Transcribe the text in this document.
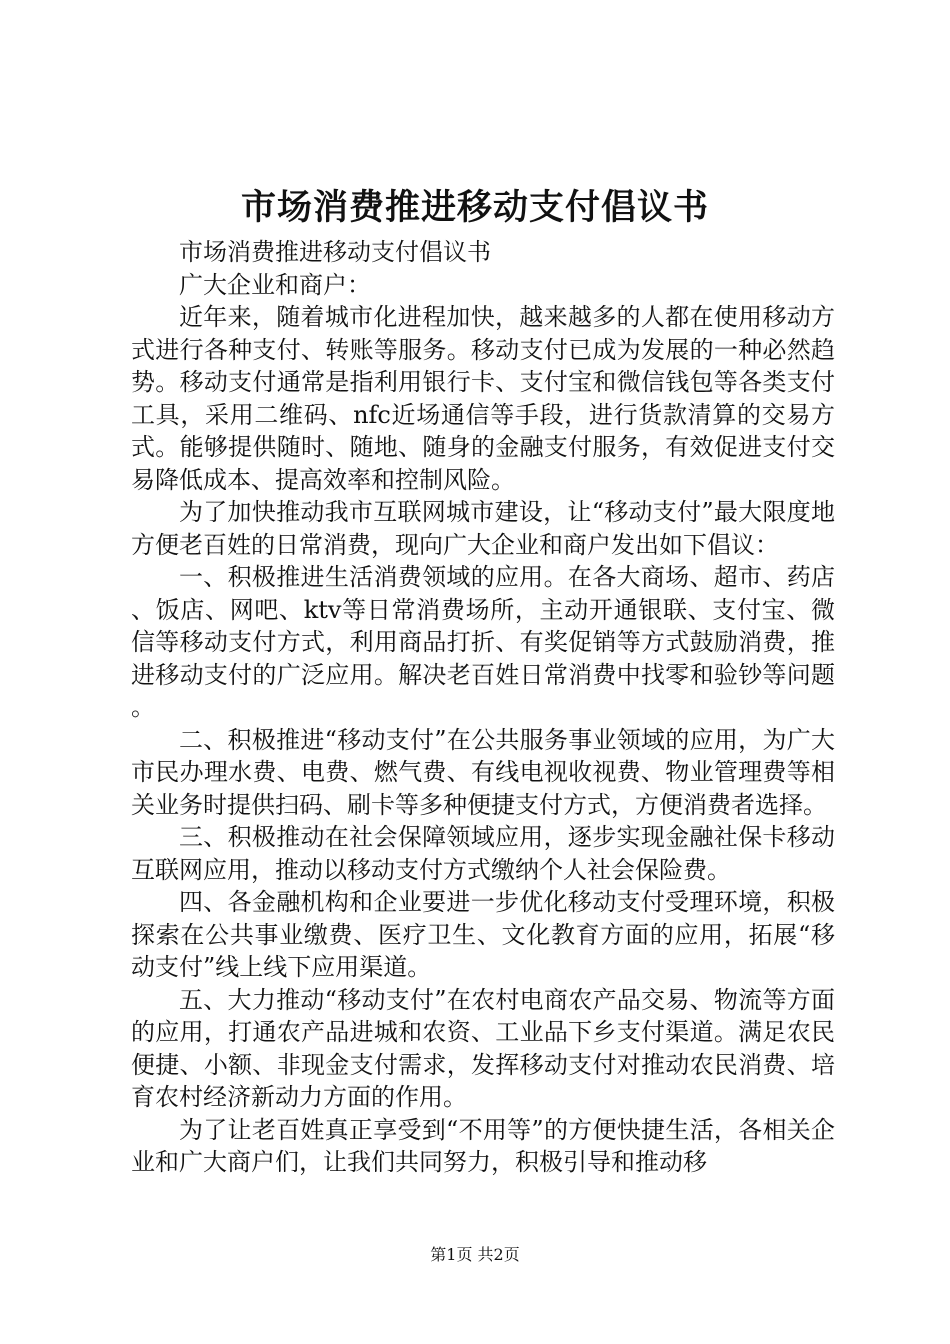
市场消费推进移动支付倡议书

市场消费推进移动支付倡议书

广大企业和商户：

近年来，随着城市化进程加快，越来越多的人都在使用移动方式进行各种支付、转账等服务。移动支付已成为发展的一种必然趋势。移动支付通常是指利用银行卡、支付宝和微信钱包等各类支付工具，采用二维码、nfc近场通信等手段，进行货款清算的交易方式。能够提供随时、随地、随身的金融支付服务，有效促进支付交易降低成本、提高效率和控制风险。

为了加快推动我市互联网城市建设，让“移动支付”最大限度地方便老百姓的日常消费，现向广大企业和商户发出如下倡议：

一、积极推进生活消费领域的应用。在各大商场、超市、药店、饭店、网吧、ktv等日常消费场所，主动开通银联、支付宝、微信等移动支付方式，利用商品打折、有奖促销等方式鼓励消费，推进移动支付的广泛应用。解决老百姓日常消费中找零和验钞等问题。

二、积极推进“移动支付”在公共服务事业领域的应用，为广大市民办理水费、电费、燃气费、有线电视收视费、物业管理费等相关业务时提供扫码、刷卡等多种便捷支付方式，方便消费者选择。

三、积极推动在社会保障领域应用，逐步实现金融社保卡移动互联网应用，推动以移动支付方式缴纳个人社会保险费。

四、各金融机构和企业要进一步优化移动支付受理环境，积极探索在公共事业缴费、医疗卫生、文化教育方面的应用，拓展“移动支付”线上线下应用渠道。

五、大力推动“移动支付”在农村电商农产品交易、物流等方面的应用，打通农产品进城和农资、工业品下乡支付渠道。满足农民便捷、小额、非现金支付需求，发挥移动支付对推动农民消费、培育农村经济新动力方面的作用。

为了让老百姓真正享受到“不用等”的方便快捷生活，各相关企业和广大商户们，让我们共同努力，积极引导和推动移

第1页 共2页
